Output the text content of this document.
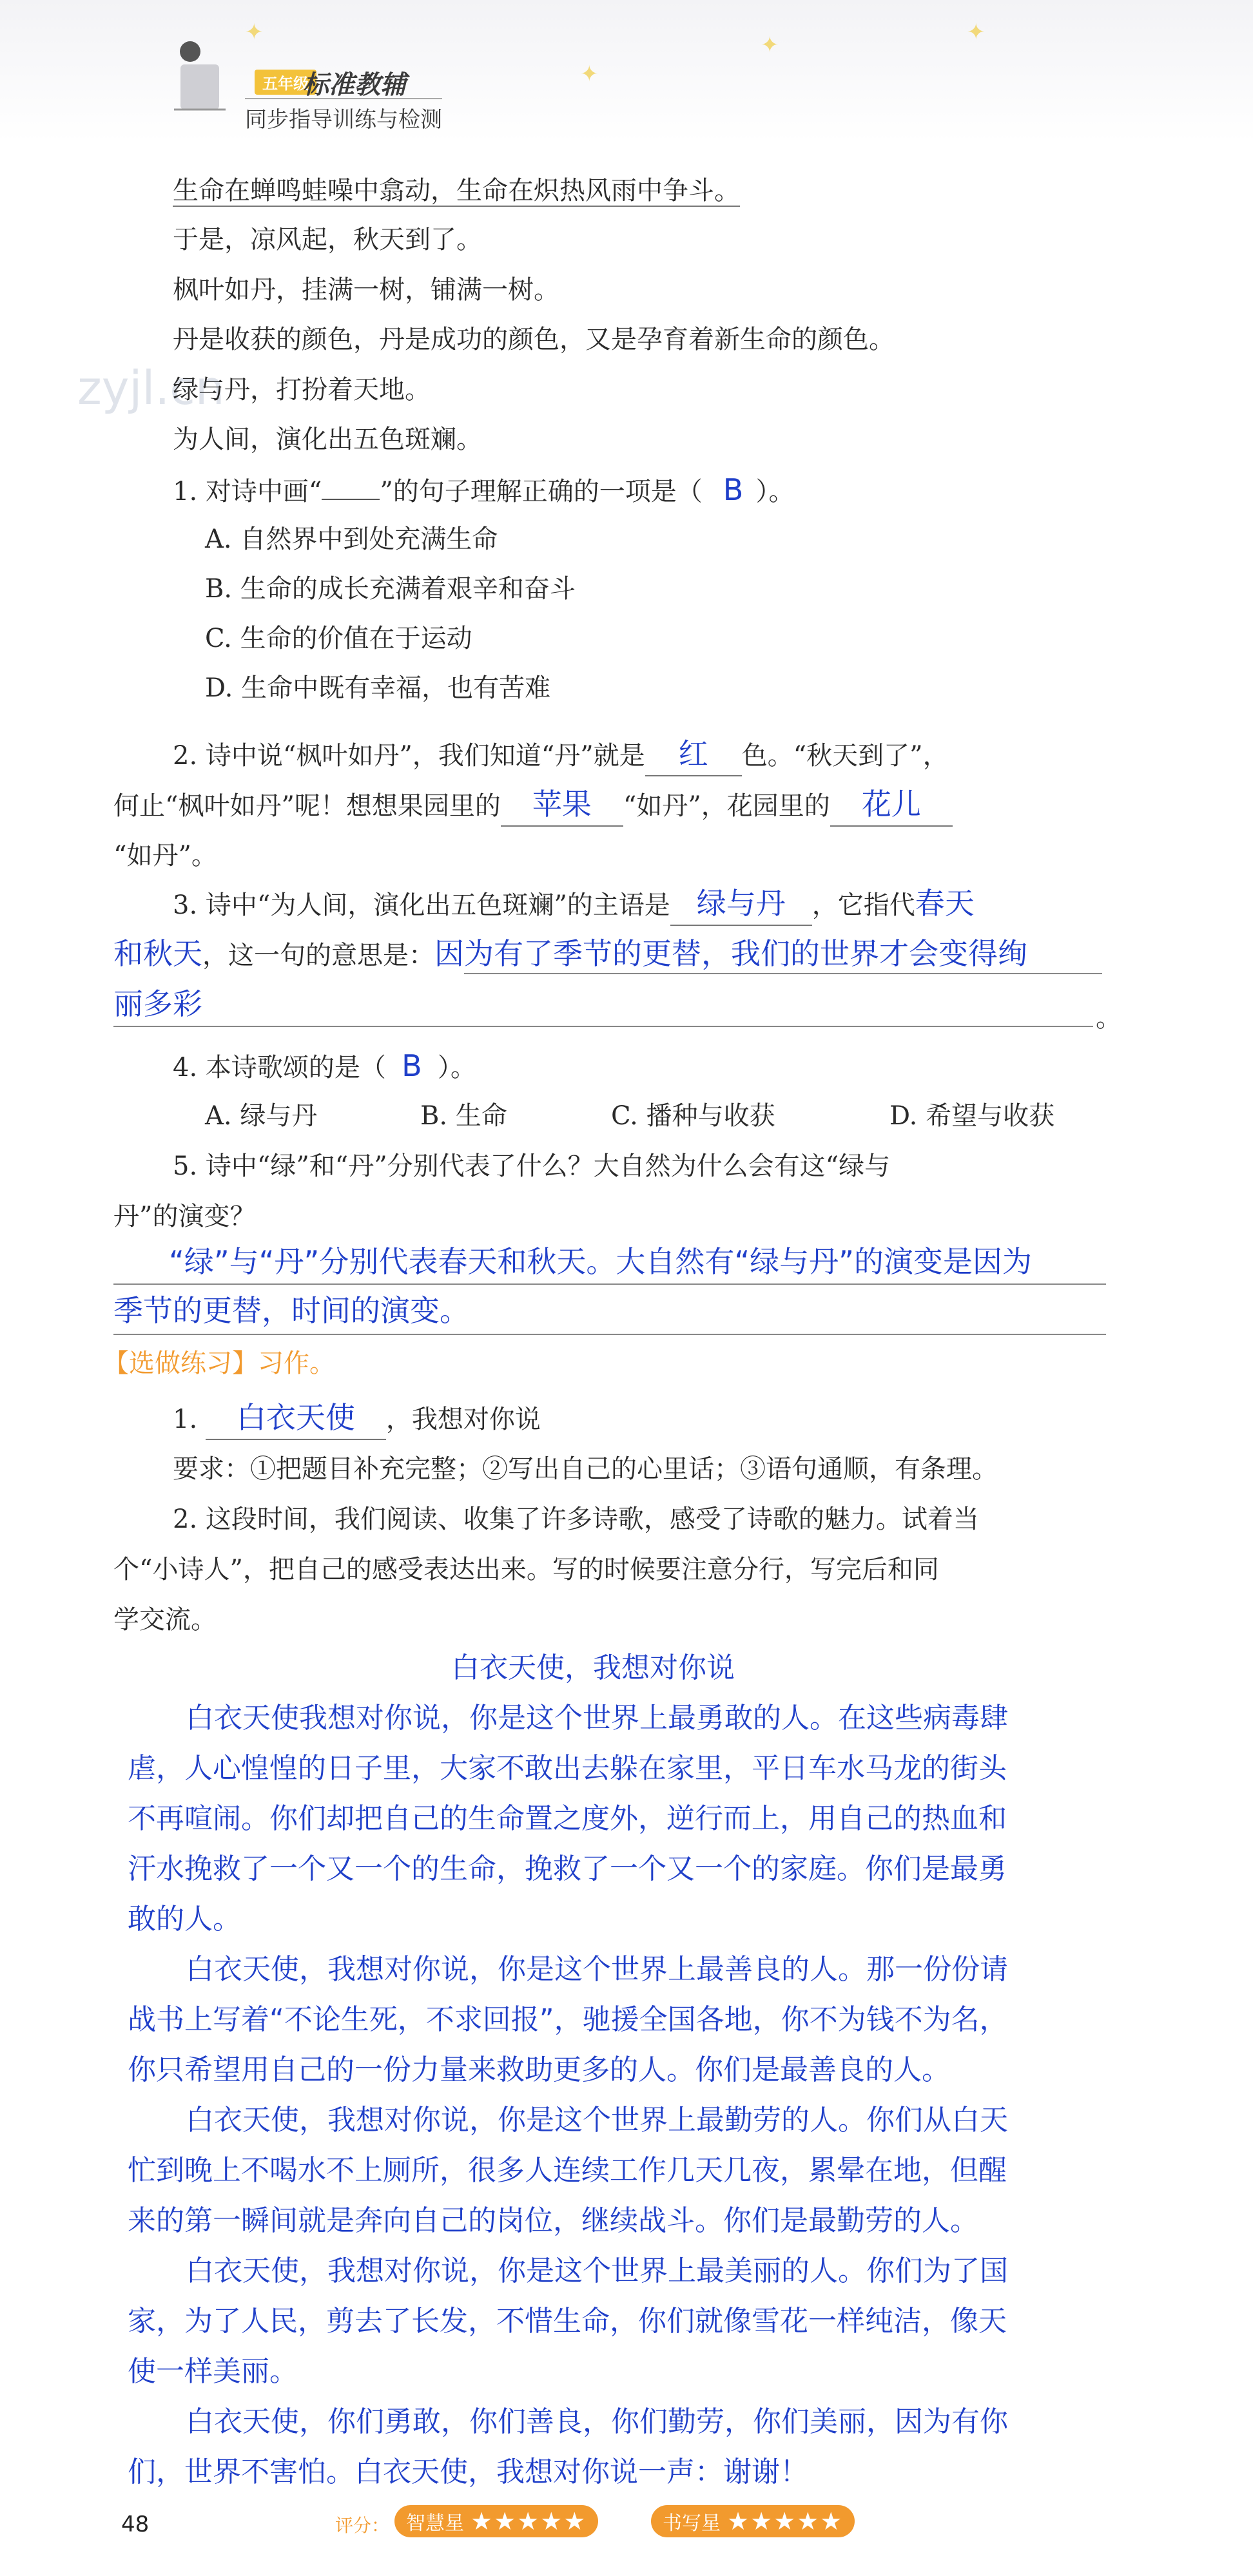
✦
✦
✦	✦
五年级
标准教辅
同步指导训练与检测
zyjl.cn
生命在蝉鸣蛙噪中翕动，生命在炽热风雨中争斗。
于是，凉风起，秋天到了。
枫叶如丹，挂满一树，铺满一树。
丹是收获的颜色，丹是成功的颜色，又是孕育着新生命的颜色。
绿与丹，打扮着天地。
为人间，演化出五色斑斓。
1. 对诗中画“ ”的句子理解正确的一项是（ B ）。
A. 自然界中到处充满生命
B. 生命的成长充满着艰辛和奋斗
C. 生命的价值在于运动
D. 生命中既有幸福，也有苦难
2. 诗中说“枫叶如丹”，我们知道“丹”就是 红 色。“秋天到了”，
何止“枫叶如丹”呢！想想果园里的 苹果 “如丹”，花园里的 花儿
“如丹”。
3. 诗中“为人间，演化出五色斑斓”的主语是 绿与丹 ，它指代春天
和秋天，这一句的意思是：因为有了季节的更替，我们的世界才会变得绚
丽多彩	。
4. 本诗歌颂的是（ B ）。
A. 绿与丹	B. 生命	C. 播种与收获	D. 希望与收获
5. 诗中“绿”和“丹”分别代表了什么？大自然为什么会有这“绿与
丹”的演变？
“绿”与“丹”分别代表春天和秋天。大自然有“绿与丹”的演变是因为
季节的更替，时间的演变。
【选做练习】习作。
1. 白衣天使 ，我想对你说
要求：①把题目补充完整；②写出自己的心里话；③语句通顺，有条理。
2. 这段时间，我们阅读、收集了许多诗歌，感受了诗歌的魅力。试着当
个“小诗人”，把自己的感受表达出来。写的时候要注意分行，写完后和同
学交流。
白衣天使，我想对你说
白衣天使我想对你说，你是这个世界上最勇敢的人。在这些病毒肆
虐，人心惶惶的日子里，大家不敢出去躲在家里，平日车水马龙的街头
不再喧闹。你们却把自己的生命置之度外，逆行而上，用自己的热血和
汗水挽救了一个又一个的生命，挽救了一个又一个的家庭。你们是最勇
敢的人。
白衣天使，我想对你说，你是这个世界上最善良的人。那一份份请
战书上写着“不论生死，不求回报”，驰援全国各地，你不为钱不为名，
你只希望用自己的一份力量来救助更多的人。你们是最善良的人。
白衣天使，我想对你说，你是这个世界上最勤劳的人。你们从白天
忙到晚上不喝水不上厕所，很多人连续工作几天几夜，累晕在地，但醒
来的第一瞬间就是奔向自己的岗位，继续战斗。你们是最勤劳的人。
白衣天使，我想对你说，你是这个世界上最美丽的人。你们为了国
家，为了人民，剪去了长发，不惜生命，你们就像雪花一样纯洁，像天
使一样美丽。
白衣天使，你们勇敢，你们善良，你们勤劳，你们美丽，因为有你
们，世界不害怕。白衣天使，我想对你说一声：谢谢！
48	评分： 智慧星 ★★★★★	书写星 ★★★★★
